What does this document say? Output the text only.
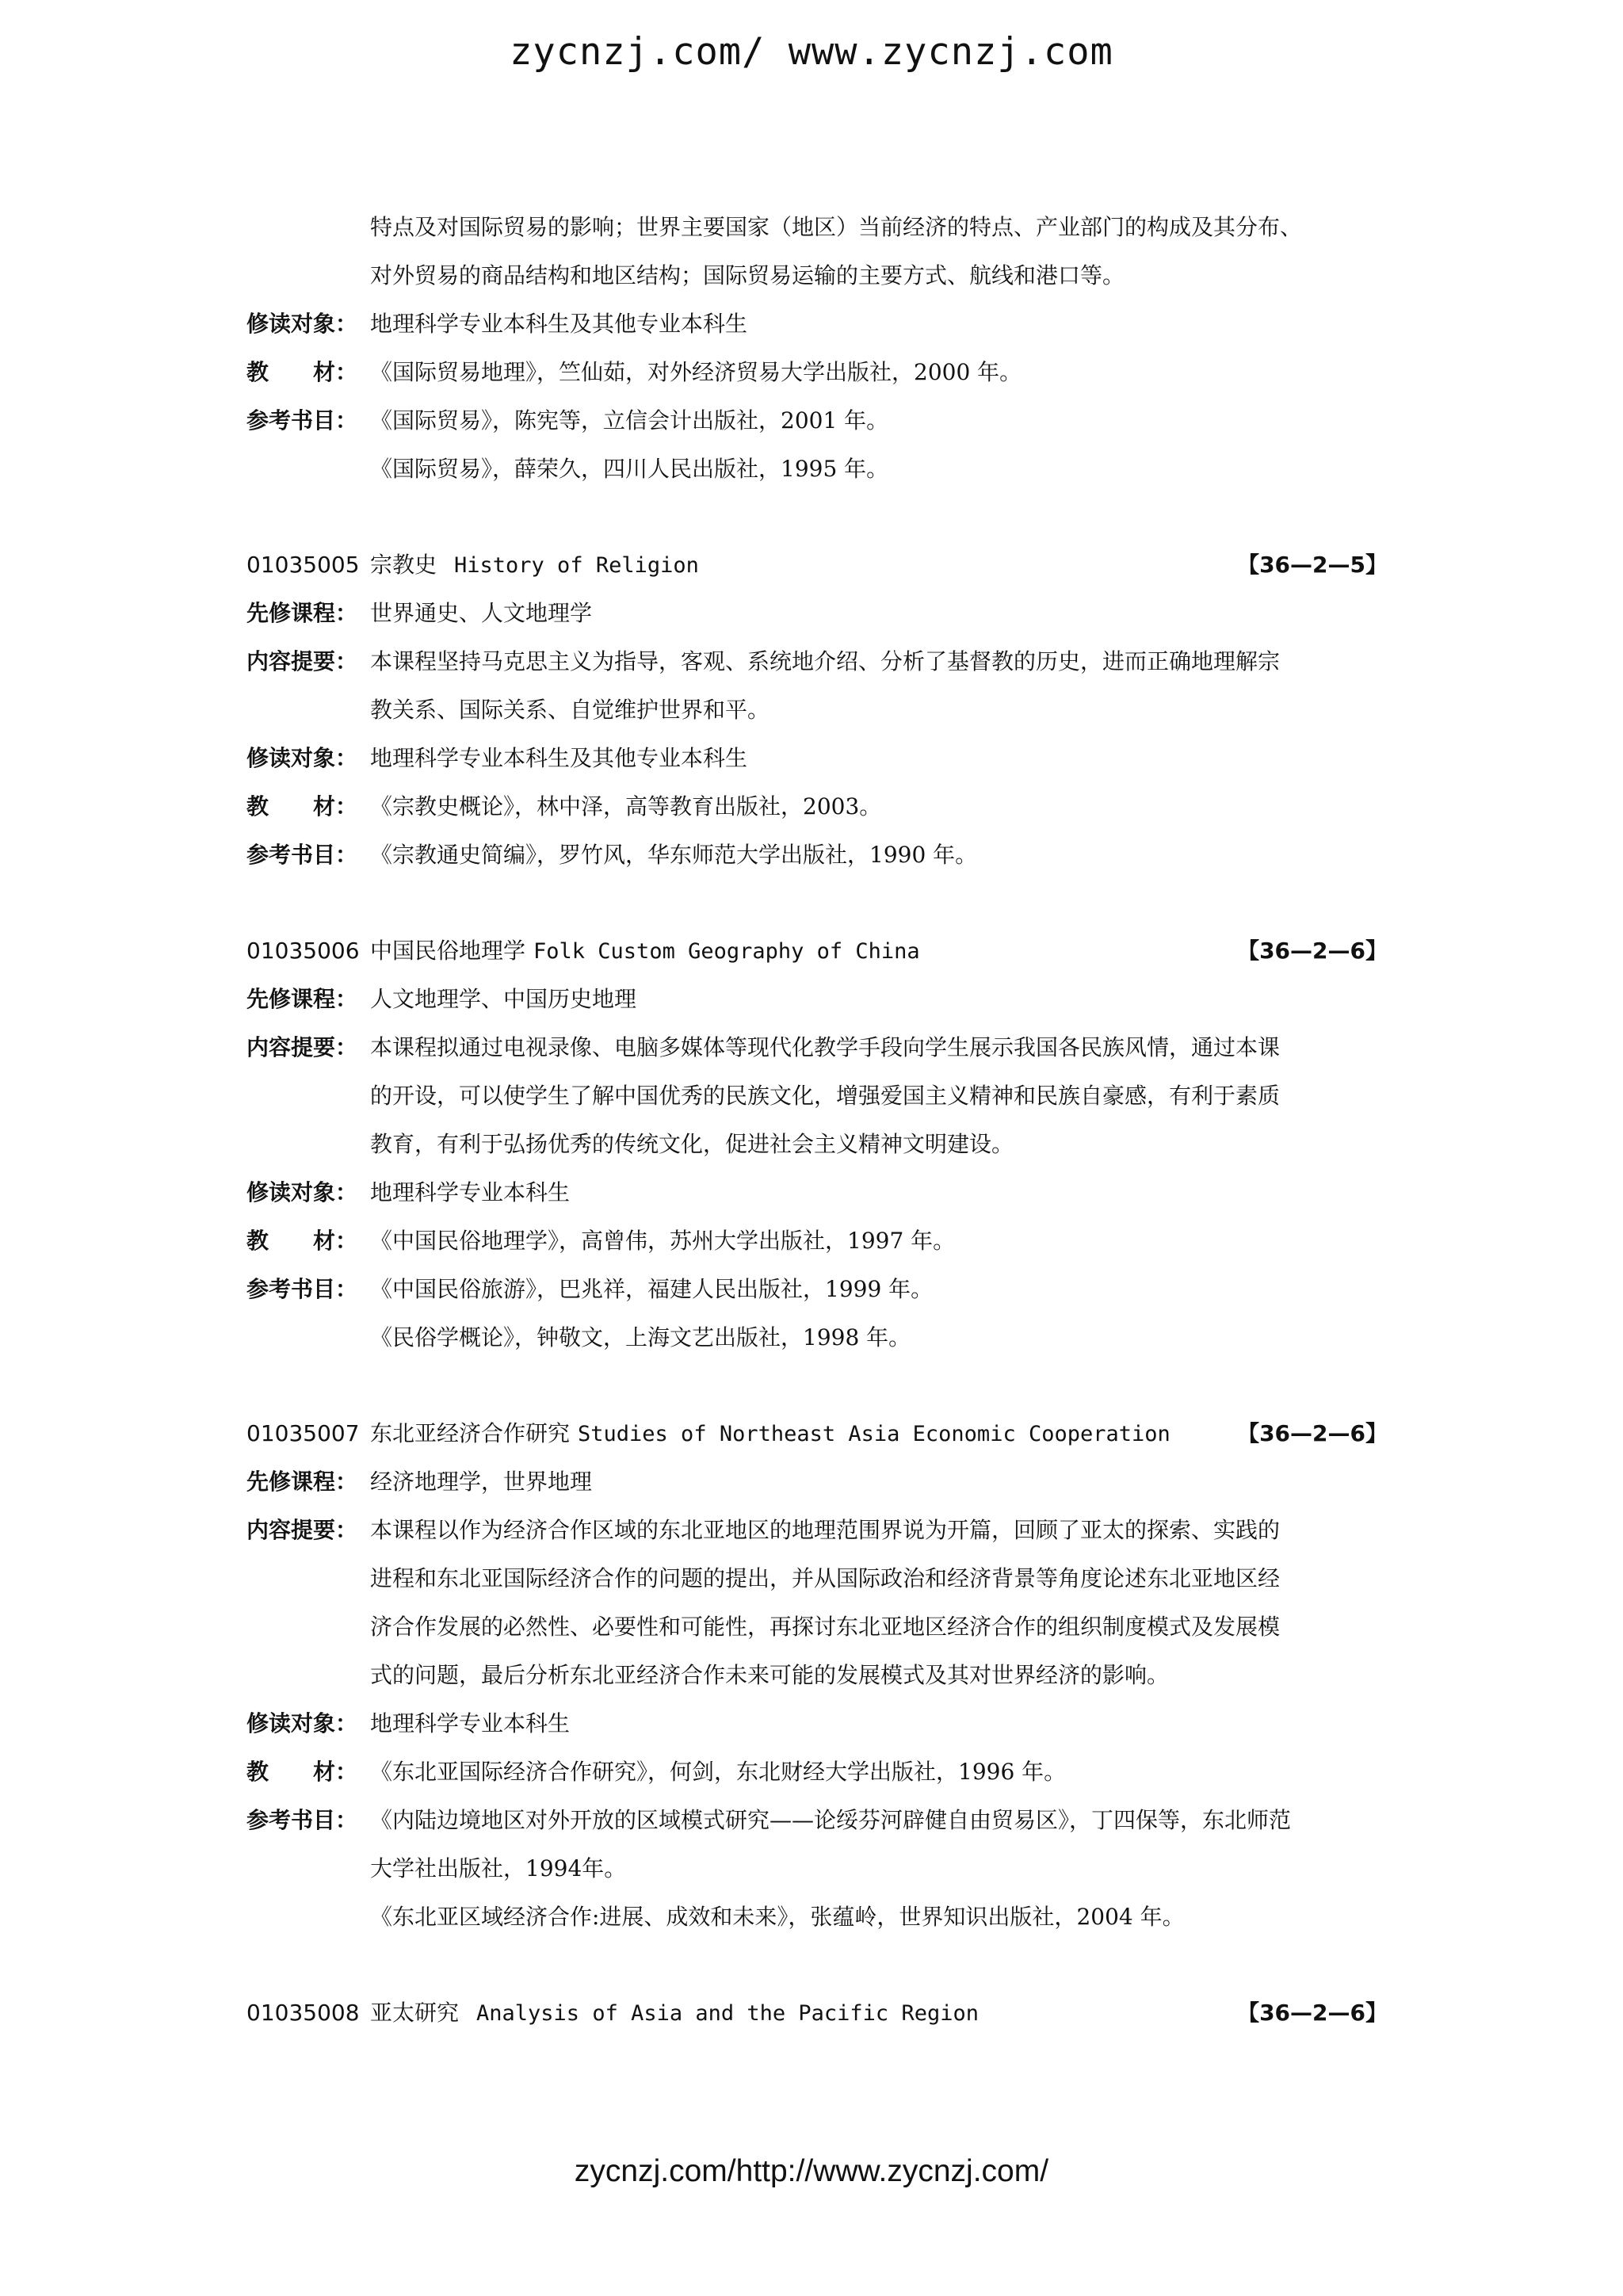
zycnzj.com/ www.zycnzj.com
特点及对国际贸易的影响；世界主要国家（地区）当前经济的特点、产业部门的构成及其分布、
对外贸易的商品结构和地区结构；国际贸易运输的主要方式、航线和港口等。
修读对象： 地理科学专业本科生及其他专业本科生
教　　材： 《国际贸易地理》，竺仙茹，对外经济贸易大学出版社，2000 年。
参考书目： 《国际贸易》，陈宪等，立信会计出版社，2001 年。
《国际贸易》，薛荣久，四川人民出版社，1995 年。
01035005 宗教史 History of Religion	【36—2—5】
先修课程： 世界通史、人文地理学
内容提要： 本课程坚持马克思主义为指导，客观、系统地介绍、分析了基督教的历史，进而正确地理解宗

教关系、国际关系、自觉维护世界和平。

修读对象： 地理科学专业本科生及其他专业本科生
教　　材： 《宗教史概论》，林中泽，高等教育出版社，2003。
参考书目： 《宗教通史简编》，罗竹风，华东师范大学出版社，1990 年。
01035006 中国民俗地理学 Folk Custom Geography of China	【36—2—6】
先修课程： 人文地理学、中国历史地理
内容提要： 本课程拟通过电视录像、电脑多媒体等现代化教学手段向学生展示我国各民族风情，通过本课

的开设，可以使学生了解中国优秀的民族文化，增强爱国主义精神和民族自豪感，有利于素质

教育，有利于弘扬优秀的传统文化，促进社会主义精神文明建设。

修读对象： 地理科学专业本科生
教　　材： 《中国民俗地理学》，高曾伟，苏州大学出版社，1997 年。
参考书目： 《中国民俗旅游》，巴兆祥，福建人民出版社，1999 年。
《民俗学概论》，钟敬文，上海文艺出版社，1998 年。
01035007 东北亚经济合作研究 Studies of Northeast Asia Economic Cooperation	【36—2—6】
先修课程： 经济地理学，世界地理
内容提要： 本课程以作为经济合作区域的东北亚地区的地理范围界说为开篇，回顾了亚太的探索、实践的

进程和东北亚国际经济合作的问题的提出，并从国际政治和经济背景等角度论述东北亚地区经

济合作发展的必然性、必要性和可能性，再探讨东北亚地区经济合作的组织制度模式及发展模

式的问题，最后分析东北亚经济合作未来可能的发展模式及其对世界经济的影响。

修读对象： 地理科学专业本科生
教　　材： 《东北亚国际经济合作研究》，何剑，东北财经大学出版社，1996 年。
参考书目： 《内陆边境地区对外开放的区域模式研究——论绥芬河辟健自由贸易区》，丁四保等，东北师范

大学社出版社，1994年。

《东北亚区域经济合作:进展、成效和未来》，张蕴岭，世界知识出版社，2004 年。
01035008 亚太研究 Analysis of Asia and the Pacific Region	【36—2—6】
zycnzj.com/http://www.zycnzj.com/
